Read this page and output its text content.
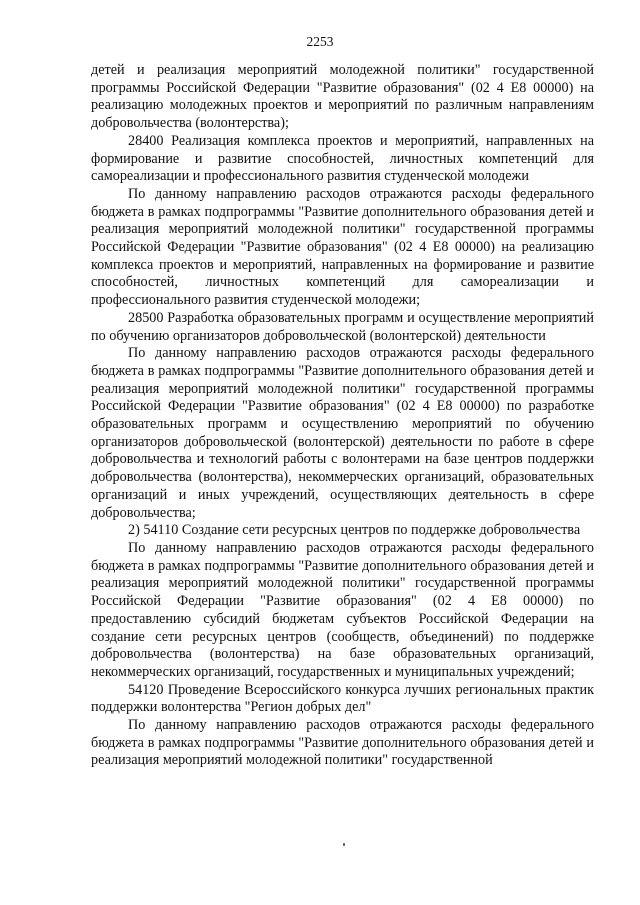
2253

детей и реализация мероприятий молодежной политики" государственной программы Российской Федерации "Развитие образования" (02 4 Е8 00000) на реализацию молодежных проектов и мероприятий по различным направлениям добровольчества (волонтерства);

28400 Реализация комплекса проектов и мероприятий, направленных на формирование и развитие способностей, личностных компетенций для самореализации и профессионального развития студенческой молодежи

По данному направлению расходов отражаются расходы федерального бюджета в рамках подпрограммы "Развитие дополнительного образования детей и реализация мероприятий молодежной политики" государственной программы Российской Федерации "Развитие образования" (02 4 Е8 00000) на реализацию комплекса проектов и мероприятий, направленных на формирование и развитие способностей, личностных компетенций для самореализации и профессионального развития студенческой молодежи;

28500 Разработка образовательных программ и осуществление мероприятий по обучению организаторов добровольческой (волонтерской) деятельности

По данному направлению расходов отражаются расходы федерального бюджета в рамках подпрограммы "Развитие дополнительного образования детей и реализация мероприятий молодежной политики" государственной программы Российской Федерации "Развитие образования" (02 4 Е8 00000) по разработке образовательных программ и осуществлению мероприятий по обучению организаторов добровольческой (волонтерской) деятельности по работе в сфере добровольчества и технологий работы с волонтерами на базе центров поддержки добровольчества (волонтерства), некоммерческих организаций, образовательных организаций и иных учреждений, осуществляющих деятельность в сфере добровольчества;

2) 54110 Создание сети ресурсных центров по поддержке добровольчества

По данному направлению расходов отражаются расходы федерального бюджета в рамках подпрограммы "Развитие дополнительного образования детей и реализация мероприятий молодежной политики" государственной программы Российской Федерации "Развитие образования" (02 4 Е8 00000) по предоставлению субсидий бюджетам субъектов Российской Федерации на создание сети ресурсных центров (сообществ, объединений) по поддержке добровольчества (волонтерства) на базе образовательных организаций, некоммерческих организаций, государственных и муниципальных учреждений;

54120 Проведение Всероссийского конкурса лучших региональных практик поддержки волонтерства "Регион добрых дел"

По данному направлению расходов отражаются расходы федерального бюджета в рамках подпрограммы "Развитие дополнительного образования детей и реализация мероприятий молодежной политики" государственной
